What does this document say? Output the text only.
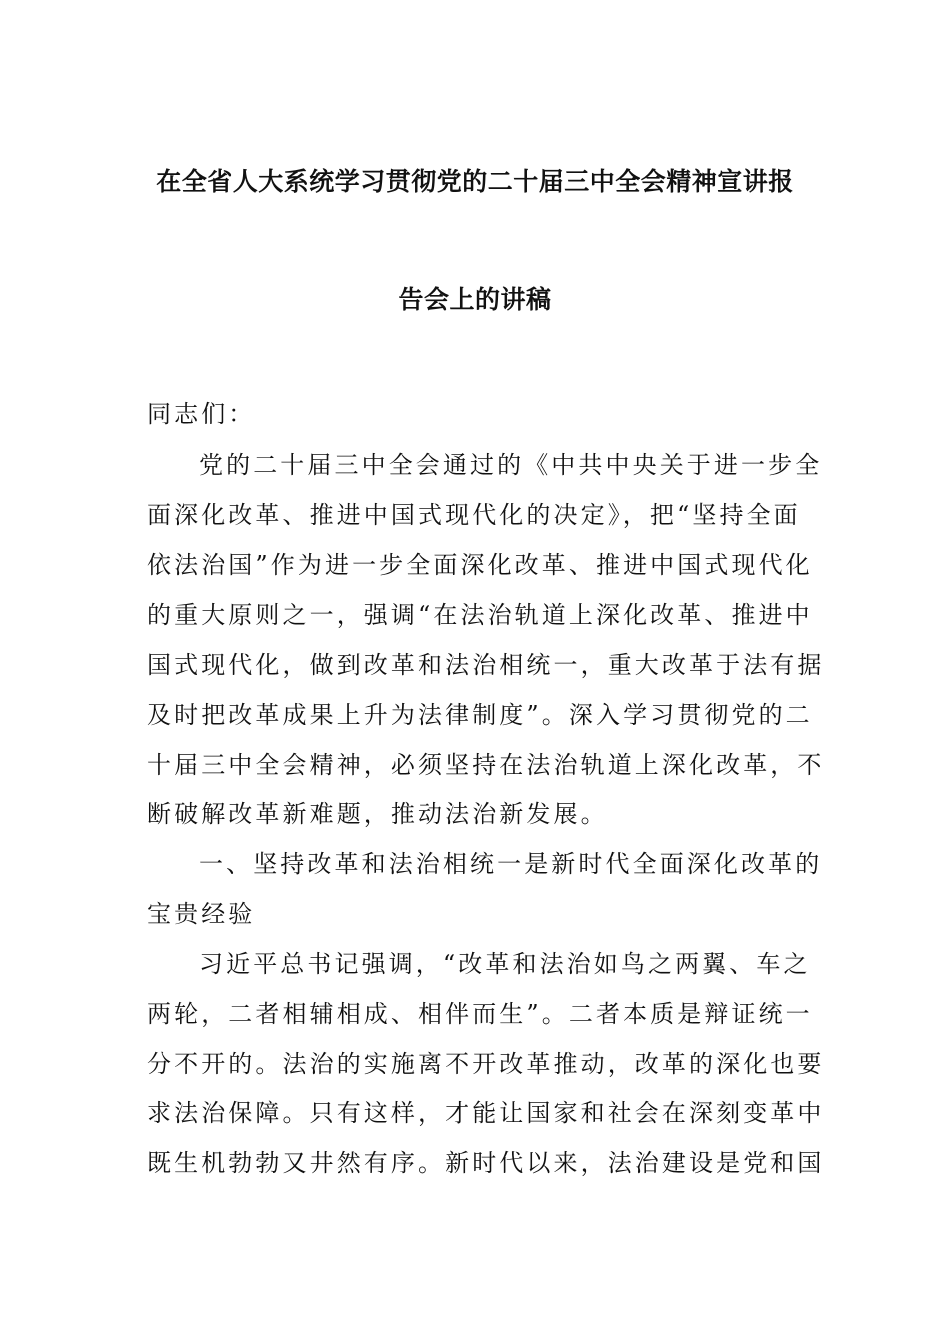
在全省人大系统学习贯彻党的二十届三中全会精神宣讲报
告会上的讲稿

同志们：

党的二十届三中全会通过的《中共中央关于进一步全

面深化改革、推进中国式现代化的决定》，把“坚持全面

依法治国”作为进一步全面深化改革、推进中国式现代化

的重大原则之一，强调“在法治轨道上深化改革、推进中

国式现代化，做到改革和法治相统一，重大改革于法有据

及时把改革成果上升为法律制度”。深入学习贯彻党的二

十届三中全会精神，必须坚持在法治轨道上深化改革，不

断破解改革新难题，推动法治新发展。

一、坚持改革和法治相统一是新时代全面深化改革的

宝贵经验

习近平总书记强调，“改革和法治如鸟之两翼、车之

两轮，二者相辅相成、相伴而生”。二者本质是辩证统一

分不开的。法治的实施离不开改革推动，改革的深化也要

求法治保障。只有这样，才能让国家和社会在深刻变革中

既生机勃勃又井然有序。新时代以来，法治建设是党和国
